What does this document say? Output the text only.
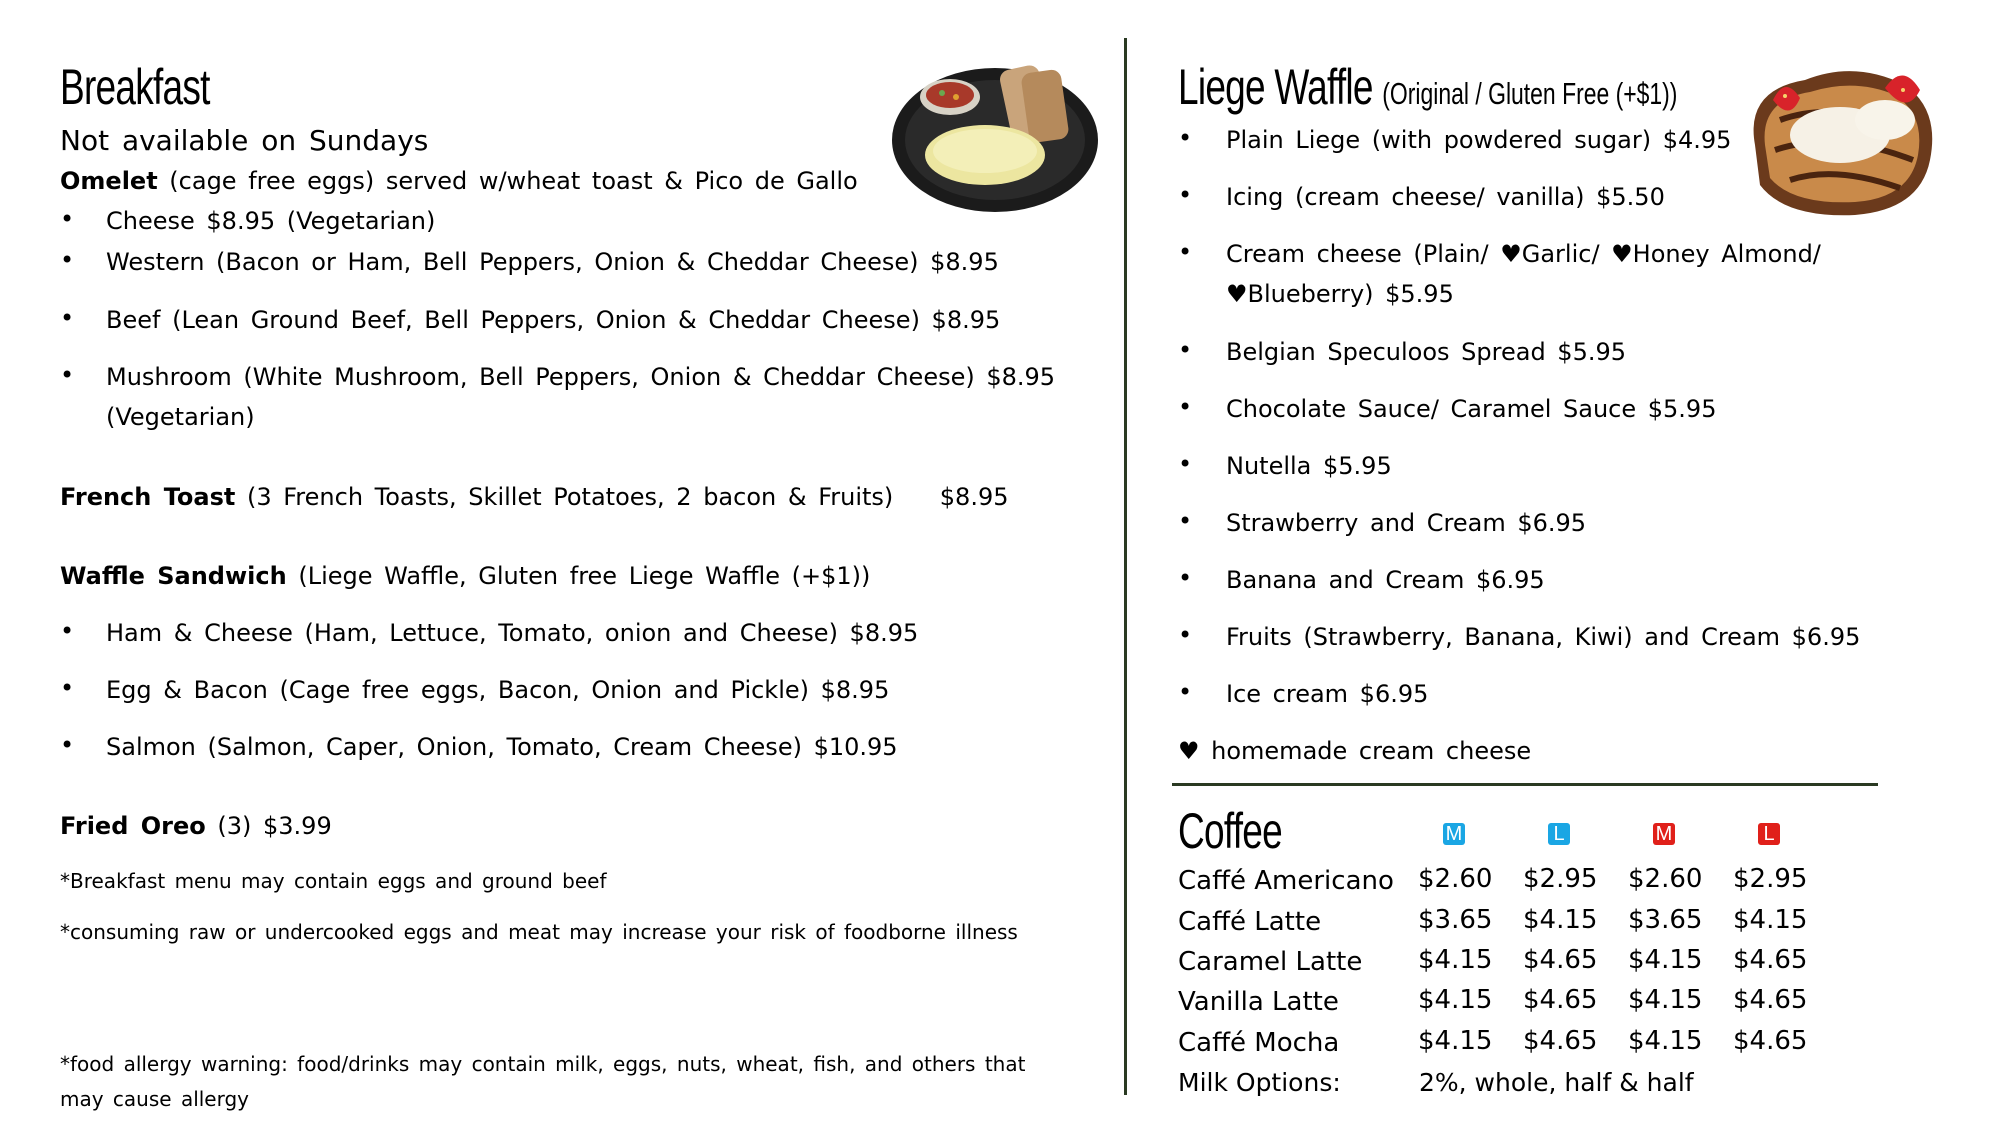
Breakfast
Not available on Sundays
Omelet (cage free eggs) served w/wheat toast & Pico de Gallo
• Cheese $8.95 (Vegetarian)
• Western (Bacon or Ham, Bell Peppers, Onion & Cheddar Cheese) $8.95
• Beef (Lean Ground Beef, Bell Peppers, Onion & Cheddar Cheese) $8.95
• Mushroom (White Mushroom, Bell Peppers, Onion & Cheddar Cheese) $8.95
(Vegetarian)
French Toast (3 French Toasts, Skillet Potatoes, 2 bacon & Fruits)    $8.95
Waffle Sandwich (Liege Waffle, Gluten free Liege Waffle (+$1))
• Ham & Cheese (Ham, Lettuce, Tomato, onion and Cheese) $8.95
• Egg & Bacon (Cage free eggs, Bacon, Onion and Pickle) $8.95
• Salmon (Salmon, Caper, Onion, Tomato, Cream Cheese) $10.95
Fried Oreo (3) $3.99
*Breakfast menu may contain eggs and ground beef
*consuming raw or undercooked eggs and meat may increase your risk of foodborne illness
*food allergy warning: food/drinks may contain milk, eggs, nuts, wheat, fish, and others that
may cause allergy
Liege Waffle (Original / Gluten Free (+$1))
• Plain Liege (with powdered sugar) $4.95
• Icing (cream cheese/ vanilla) $5.50
• Cream cheese (Plain/ ♥Garlic/ ♥Honey Almond/
♥Blueberry) $5.95
• Belgian Speculoos Spread $5.95
• Chocolate Sauce/ Caramel Sauce $5.95
• Nutella $5.95
• Strawberry and Cream $6.95
• Banana and Cream $6.95
• Fruits (Strawberry, Banana, Kiwi) and Cream $6.95
• Ice cream $6.95
♥ homemade cream cheese
Coffee	M	L	M	L
Caffé Americano $2.60 $2.95 $2.60 $2.95
Caffé Latte	$3.65 $4.15 $3.65 $4.15
Caramel Latte $4.15 $4.65 $4.15 $4.65
Vanilla Latte	$4.15 $4.65 $4.15 $4.65
Caffé Mocha	$4.15 $4.65 $4.15 $4.65
Milk Options:	2%, whole, half & half
